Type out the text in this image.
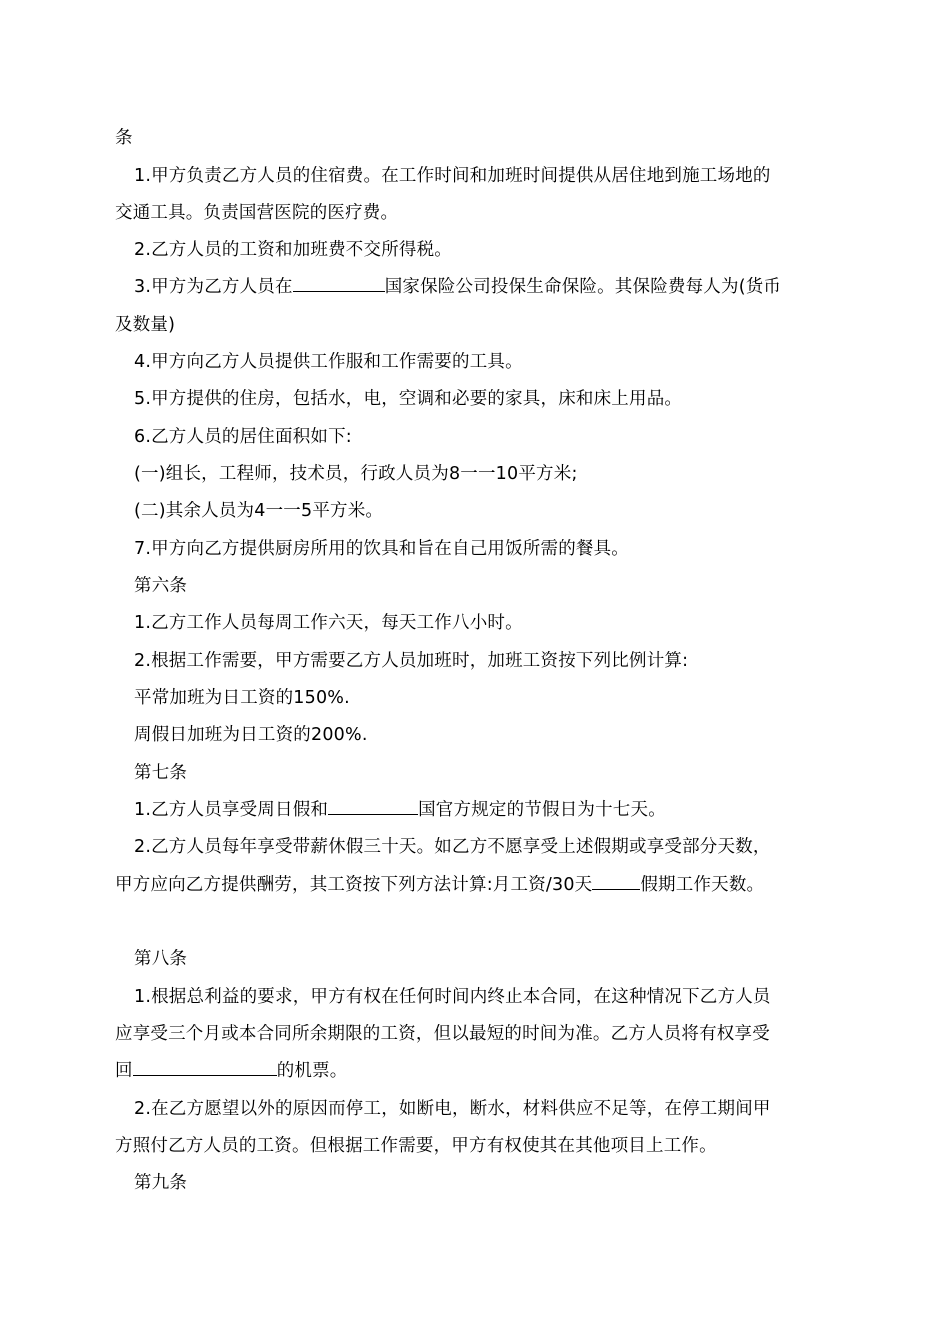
条
1.甲方负责乙方人员的住宿费。在工作时间和加班时间提供从居住地到施工场地的
交通工具。负责国营医院的医疗费。
2.乙方人员的工资和加班费不交所得税。
3.甲方为乙方人员在	国家保险公司投保生命保险。其保险费每人为(货币
及数量)
4.甲方向乙方人员提供工作服和工作需要的工具。
5.甲方提供的住房，包括水，电，空调和必要的家具，床和床上用品。
6.乙方人员的居住面积如下:
(一)组长，工程师，技术员，行政人员为8一一10平方米;
(二)其余人员为4一一5平方米。
7.甲方向乙方提供厨房所用的饮具和旨在自己用饭所需的餐具。
第六条
1.乙方工作人员每周工作六天，每天工作八小时。
2.根据工作需要，甲方需要乙方人员加班时，加班工资按下列比例计算:
平常加班为日工资的150%.
周假日加班为日工资的200%.
第七条
1.乙方人员享受周日假和	国官方规定的节假日为十七天。
2.乙方人员每年享受带薪休假三十天。如乙方不愿享受上述假期或享受部分天数，
甲方应向乙方提供酬劳，其工资按下列方法计算:月工资/30天	假期工作天数。
第八条
1.根据总利益的要求，甲方有权在任何时间内终止本合同，在这种情况下乙方人员
应享受三个月或本合同所余期限的工资，但以最短的时间为准。乙方人员将有权享受
回	的机票。
2.在乙方愿望以外的原因而停工，如断电，断水，材料供应不足等，在停工期间甲
方照付乙方人员的工资。但根据工作需要，甲方有权使其在其他项目上工作。
第九条
